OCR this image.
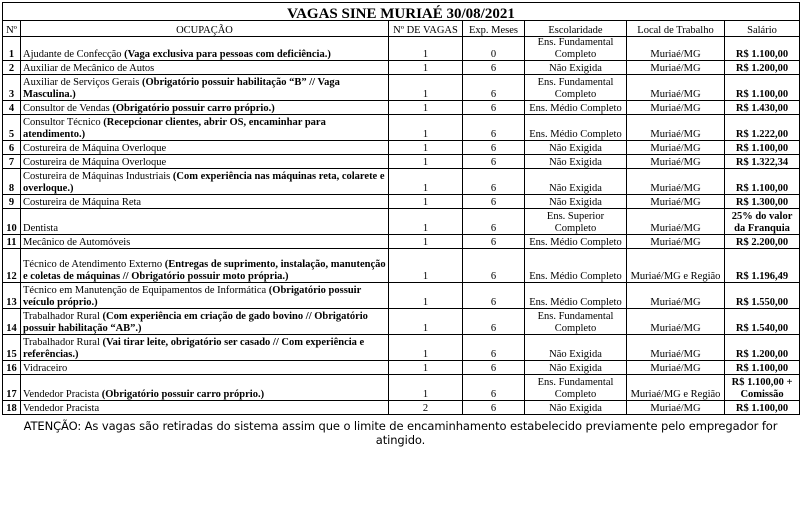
VAGAS SINE MURIAÉ 30/08/2021						
Nº	OCUPAÇÃO	Nº DE VAGAS	Exp. Meses	Escolaridade	Local de Trabalho	Salário
1	Ajudante de Confecção (Vaga exclusiva para pessoas com deficiência.)	1	0	Ens. Fundamental Completo	Muriaé/MG	R$ 1.100,00
2	Auxiliar de Mecânico de Autos	1	6	Não Exigida	Muriaé/MG	R$ 1.200,00
3	Auxiliar de Serviços Gerais (Obrigatório possuir habilitação “B” // Vaga Masculina.)	1	6	Ens. Fundamental Completo	Muriaé/MG	R$ 1.100,00
4	Consultor de Vendas (Obrigatório possuir carro próprio.)	1	6	Ens. Médio Completo	Muriaé/MG	R$ 1.430,00
5	Consultor Técnico (Recepcionar clientes, abrir OS, encaminhar para atendimento.)	1	6	Ens. Médio Completo	Muriaé/MG	R$ 1.222,00
6	Costureira de Máquina Overloque	1	6	Não Exigida	Muriaé/MG	R$ 1.100,00
7	Costureira de Máquina Overloque	1	6	Não Exigida	Muriaé/MG	R$ 1.322,34
8	Costureira de Máquinas Industriais (Com experiência nas máquinas reta, colarete e overloque.)	1	6	Não Exigida	Muriaé/MG	R$ 1.100,00
9	Costureira de Máquina Reta	1	6	Não Exigida	Muriaé/MG	R$ 1.300,00
10	Dentista	1	6	Ens. Superior Completo	Muriaé/MG	25% do valor da Franquia
11	Mecânico de Automóveis	1	6	Ens. Médio Completo	Muriaé/MG	R$ 2.200,00
12	Técnico de Atendimento Externo (Entregas de suprimento, instalação, manutenção e coletas de máquinas // Obrigatório possuir moto própria.)	1	6	Ens. Médio Completo	Muriaé/MG e Região	R$ 1.196,49
13	Técnico em Manutenção de Equipamentos de Informática (Obrigatório possuir veículo próprio.)	1	6	Ens. Médio Completo	Muriaé/MG	R$ 1.550,00
14	Trabalhador Rural (Com experiência em criação de gado bovino // Obrigatório possuir habilitação “AB”.)	1	6	Ens. Fundamental Completo	Muriaé/MG	R$ 1.540,00
15	Trabalhador Rural (Vai tirar leite, obrigatório ser casado // Com experiência e referências.)	1	6	Não Exigida	Muriaé/MG	R$ 1.200,00
16	Vidraceiro	1	6	Não Exigida	Muriaé/MG	R$ 1.100,00
17	Vendedor Pracista (Obrigatório possuir carro próprio.)	1	6	Ens. Fundamental Completo	Muriaé/MG e Região	R$ 1.100,00 + Comissão
18	Vendedor Pracista	2	6	Não Exigida	Muriaé/MG	R$ 1.100,00
ATENÇÃO: As vagas são retiradas do sistema assim que o limite de encaminhamento estabelecido previamente pelo empregador for atingido.
